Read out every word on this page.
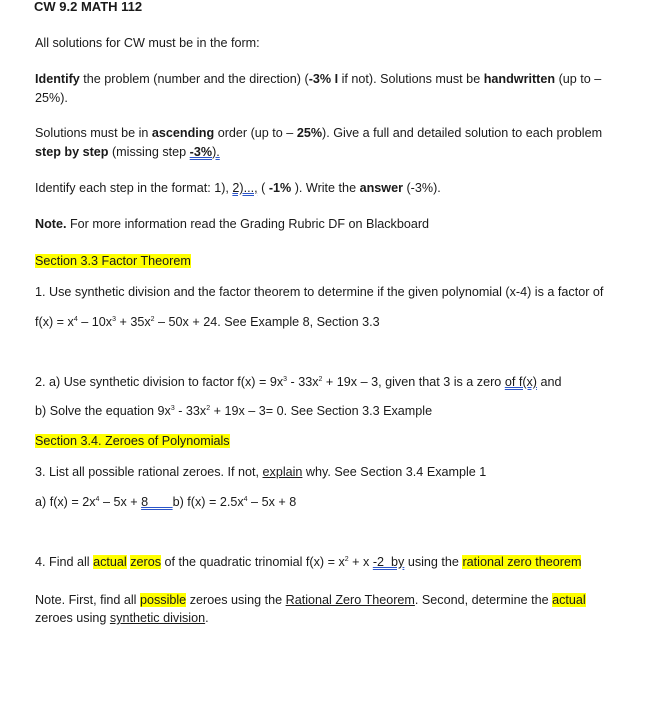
CW 9.2 MATH 112
All solutions for CW must be in the form:
Identify the problem (number and the direction) (-3% I if not). Solutions must be handwritten (up to –
25%).
Solutions must be in ascending order (up to – 25%). Give a full and detailed solution to each problem
step by step (missing step -3%).
Identify each step in the format: 1), 2)..., ( -1% ). Write the answer (-3%).
Note. For more information read the Grading Rubric DF on Blackboard
Section 3.3 Factor Theorem
1. Use synthetic division and the factor theorem to determine if the given polynomial (x-4) is a factor of
$f(x) = x^4 - 10x^3 + 35x^2 - 50x + 24$. See Example 8, Section 3.3
2. a) Use synthetic division to factor $f(x) = 9x^3 - 33x^2 + 19x - 3$, given that 3 is a zero of f(x) and
b) Solve the equation $9x^3 - 33x^2 + 19x - 3= 0$. See Section 3.3 Example
Section 3.4. Zeroes of Polynomials
3. List all possible rational zeroes. If not, explain why. See Section 3.4 Example 1
a) $f(x) = 2x^4 - 5x + 8$       b) $f(x) = 2.5x^4 - 5x + 8$
4. Find all actual zeros of the quadratic trinomial $f(x) = x^2 + x$ -2  by using the rational zero theorem
Note. First, find all possible zeroes using the Rational Zero Theorem. Second, determine the actual
zeroes using synthetic division.
